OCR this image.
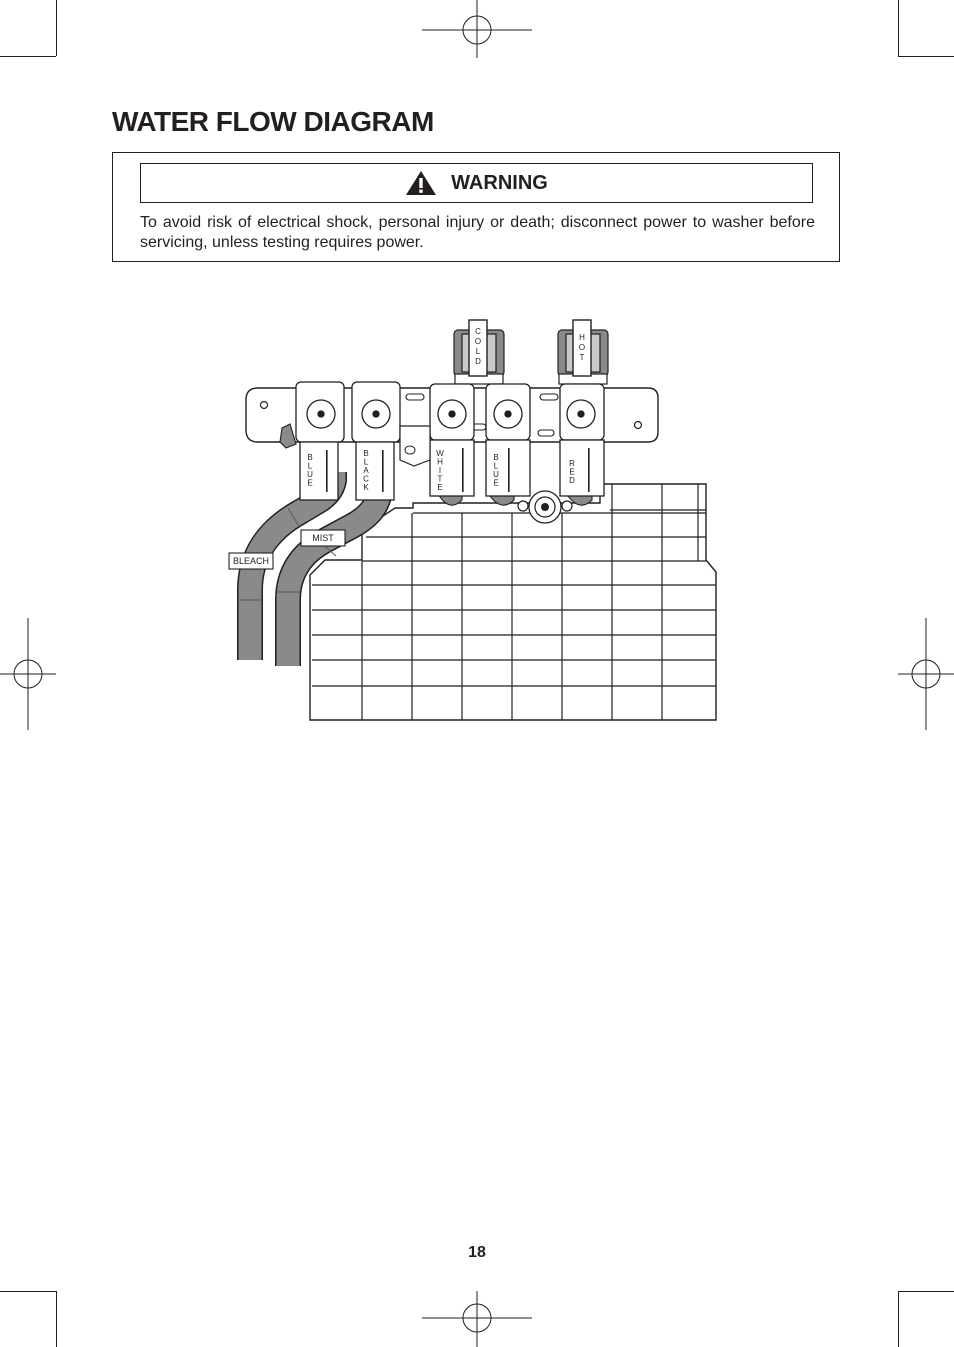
WATER FLOW DIAGRAM
WARNING
To avoid risk of electrical shock, personal injury or death; disconnect power to washer before servicing, unless testing requires power.
C O L D
H O T
B L U E
B L A C K
W H I T E
B L U E
R E D
BLEACH
MIST
18
